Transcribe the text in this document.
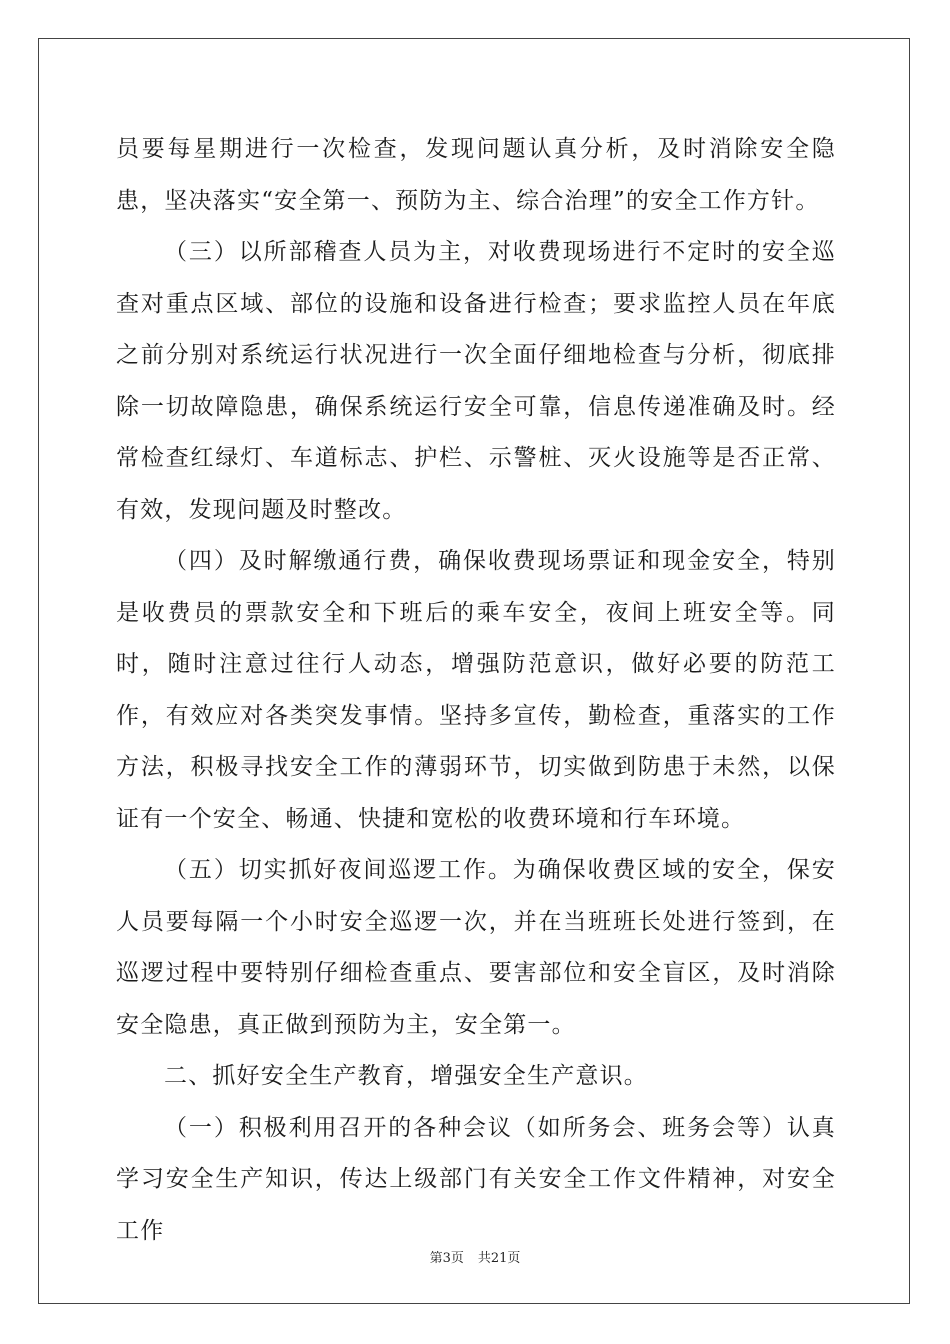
员要每星期进行一次检查，发现问题认真分析，及时消除安全隐患，坚决落实“安全第一、预防为主、综合治理”的安全工作方针。

（三）以所部稽查人员为主，对收费现场进行不定时的安全巡查对重点区域、部位的设施和设备进行检查；要求监控人员在年底之前分别对系统运行状况进行一次全面仔细地检查与分析，彻底排除一切故障隐患，确保系统运行安全可靠，信息传递准确及时。经常检查红绿灯、车道标志、护栏、示警桩、灭火设施等是否正常、有效，发现问题及时整改。

（四）及时解缴通行费，确保收费现场票证和现金安全，特别是收费员的票款安全和下班后的乘车安全，夜间上班安全等。同时，随时注意过往行人动态，增强防范意识，做好必要的防范工作，有效应对各类突发事情。坚持多宣传，勤检查，重落实的工作方法，积极寻找安全工作的薄弱环节，切实做到防患于未然，以保证有一个安全、畅通、快捷和宽松的收费环境和行车环境。

（五）切实抓好夜间巡逻工作。为确保收费区域的安全，保安人员要每隔一个小时安全巡逻一次，并在当班班长处进行签到，在巡逻过程中要特别仔细检查重点、要害部位和安全盲区，及时消除安全隐患，真正做到预防为主，安全第一。

二、抓好安全生产教育，增强安全生产意识。

（一）积极利用召开的各种会议（如所务会、班务会等）认真学习安全生产知识，传达上级部门有关安全工作文件精神，对安全工作

第3页 共21页
